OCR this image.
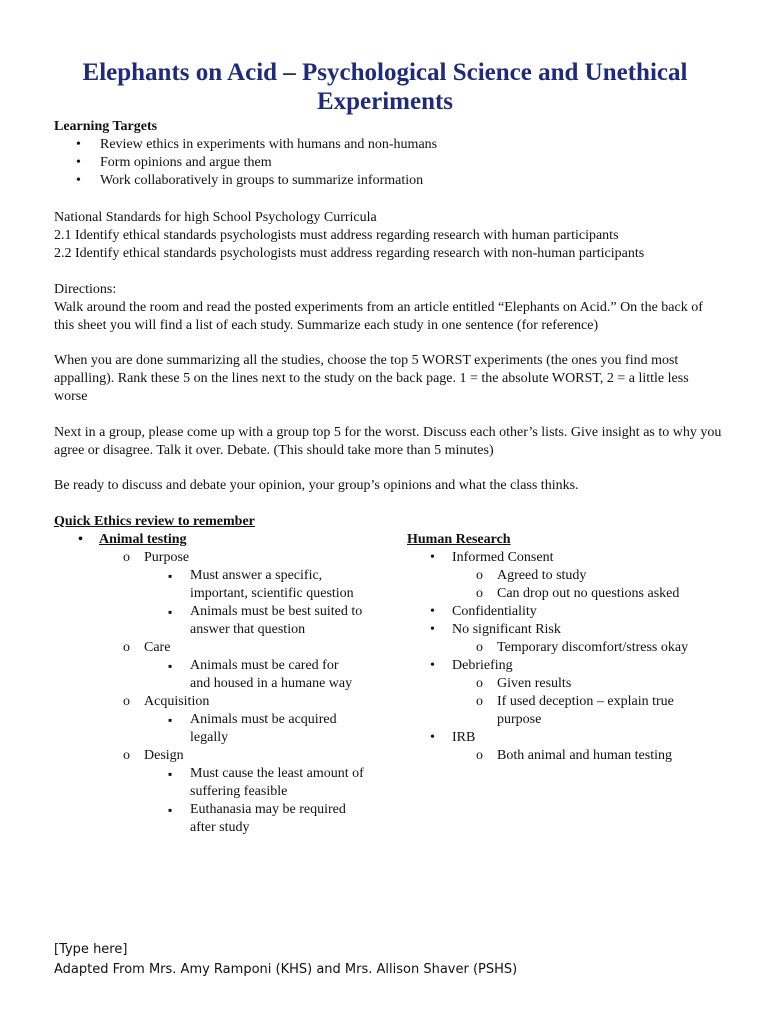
Elephants on Acid – Psychological Science and Unethical Experiments

Learning Targets

• Review ethics in experiments with humans and non-humans
• Form opinions and argue them
• Work collaboratively in groups to summarize information

National Standards for high School Psychology Curricula

2.1 Identify ethical standards psychologists must address regarding research with human participants

2.2 Identify ethical standards psychologists must address regarding research with non-human participants

Directions:

Walk around the room and read the posted experiments from an article entitled “Elephants on Acid.” On the back of this sheet you will find a list of each study. Summarize each study in one sentence (for reference)

When you are done summarizing all the studies, choose the top 5 WORST experiments (the ones you find most appalling). Rank these 5 on the lines next to the study on the back page. 1 = the absolute WORST, 2 = a little less worse

Next in a group, please come up with a group top 5 for the worst. Discuss each other’s lists. Give insight as to why you agree or disagree. Talk it over. Debate. (This should take more than 5 minutes)

Be ready to discuss and debate your opinion, your group’s opinions and what the class thinks.

Quick Ethics review to remember

• Animal testing
o Purpose
▪ Must answer a specific, important, scientific question
▪ Animals must be best suited to answer that question
o Care
▪ Animals must be cared for and housed in a humane way
o Acquisition
▪ Animals must be acquired legally
o Design
▪ Must cause the least amount of suffering feasible
▪ Euthanasia may be required after study
Human Research
• Informed Consent
o Agreed to study
o Can drop out no questions asked
• Confidentiality
• No significant Risk
o Temporary discomfort/stress okay
• Debriefing
o Given results
o If used deception – explain true purpose
• IRB
o Both animal and human testing
[Type here]
Adapted From Mrs. Amy Ramponi (KHS) and Mrs. Allison Shaver (PSHS)
